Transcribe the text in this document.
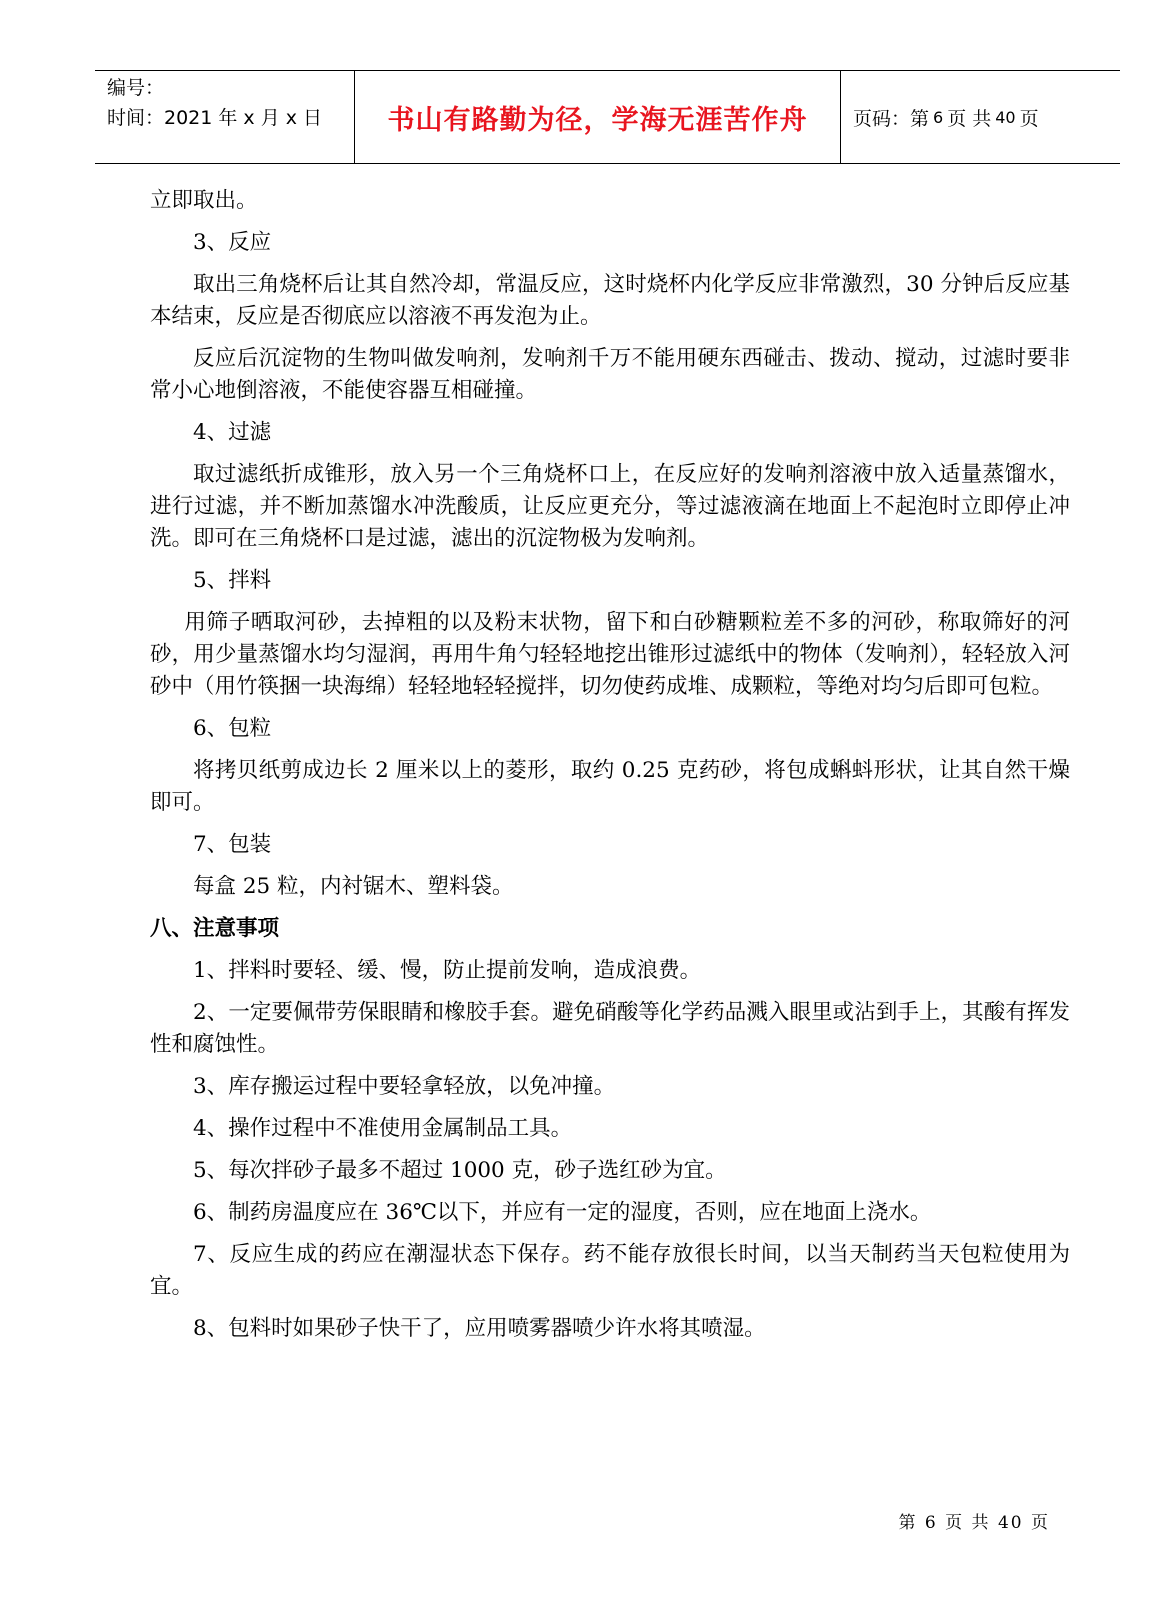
编号：
时间：2021 年 x 月 x 日	书山有路勤为径，学海无涯苦作舟	页码：第 6 页 共 40 页

立即取出。

3、反应

取出三角烧杯后让其自然冷却，常温反应，这时烧杯内化学反应非常激烈，30 分钟后反应基本结束，反应是否彻底应以溶液不再发泡为止。

反应后沉淀物的生物叫做发响剂，发响剂千万不能用硬东西碰击、拨动、搅动，过滤时要非常小心地倒溶液，不能使容器互相碰撞。

4、过滤

取过滤纸折成锥形，放入另一个三角烧杯口上，在反应好的发响剂溶液中放入适量蒸馏水，进行过滤，并不断加蒸馏水冲洗酸质，让反应更充分，等过滤液滴在地面上不起泡时立即停止冲洗。即可在三角烧杯口是过滤，滤出的沉淀物极为发响剂。

5、拌料

用筛子晒取河砂，去掉粗的以及粉末状物，留下和白砂糖颗粒差不多的河砂，称取筛好的河砂，用少量蒸馏水均匀湿润，再用牛角勺轻轻地挖出锥形过滤纸中的物体（发响剂），轻轻放入河砂中（用竹筷捆一块海绵）轻轻地轻轻搅拌，切勿使药成堆、成颗粒，等绝对均匀后即可包粒。

6、包粒

将拷贝纸剪成边长 2 厘米以上的菱形，取约 0.25 克药砂，将包成蝌蚪形状，让其自然干燥即可。

7、包装

每盒 25 粒，内衬锯木、塑料袋。

八、注意事项

1、拌料时要轻、缓、慢，防止提前发响，造成浪费。

2、一定要佩带劳保眼睛和橡胶手套。避免硝酸等化学药品溅入眼里或沾到手上，其酸有挥发性和腐蚀性。

3、库存搬运过程中要轻拿轻放，以免冲撞。

4、操作过程中不准使用金属制品工具。

5、每次拌砂子最多不超过 1000 克，砂子选红砂为宜。

6、制药房温度应在 36℃以下，并应有一定的湿度，否则，应在地面上浇水。

7、反应生成的药应在潮湿状态下保存。药不能存放很长时间，以当天制药当天包粒使用为宜。

8、包料时如果砂子快干了，应用喷雾器喷少许水将其喷湿。

第 6 页 共 40 页
